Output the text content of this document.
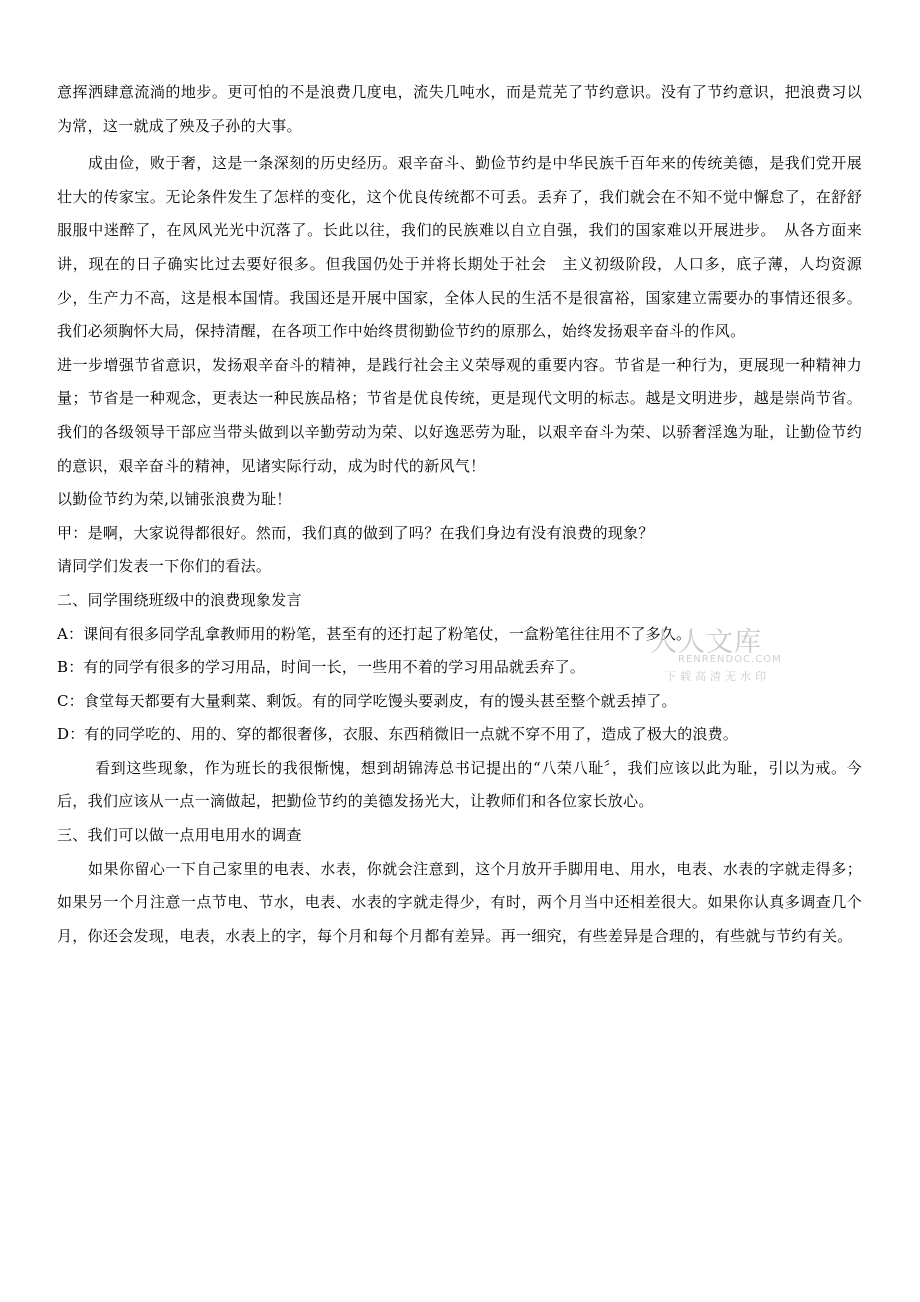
意挥洒肆意流淌的地步。更可怕的不是浪费几度电，流失几吨水，而是荒芜了节约意识。没有了节约意识，把浪费习以为常，这一就成了殃及子孙的大事。

成由俭，败于奢，这是一条深刻的历史经历。艰辛奋斗、勤俭节约是中华民族千百年来的传统美德，是我们党开展壮大的传家宝。无论条件发生了怎样的变化，这个优良传统都不可丢。丢弃了，我们就会在不知不觉中懈怠了，在舒舒服服中迷醉了，在风风光光中沉落了。长此以往，我们的民族难以自立自强，我们的国家难以开展进步。　从各方面来讲，现在的日子确实比过去要好很多。但我国仍处于并将长期处于社会　主义初级阶段，人口多，底子薄，人均资源少，生产力不高，这是根本国情。我国还是开展中国家，全体人民的生活不是很富裕，国家建立需要办的事情还很多。我们必须胸怀大局，保持清醒，在各项工作中始终贯彻勤俭节约的原那么，始终发扬艰辛奋斗的作风。

进一步增强节省意识，发扬艰辛奋斗的精神，是践行社会主义荣辱观的重要内容。节省是一种行为，更展现一种精神力量；节省是一种观念，更表达一种民族品格；节省是优良传统，更是现代文明的标志。越是文明进步，越是崇尚节省。我们的各级领导干部应当带头做到以辛勤劳动为荣、以好逸恶劳为耻，以艰辛奋斗为荣、以骄奢淫逸为耻，让勤俭节约的意识，艰辛奋斗的精神，见诸实际行动，成为时代的新风气！

以勤俭节约为荣,以铺张浪费为耻！

甲：是啊，大家说得都很好。然而，我们真的做到了吗？在我们身边有没有浪费的现象？

请同学们发表一下你们的看法。

二、同学围绕班级中的浪费现象发言

A：课间有很多同学乱拿教师用的粉笔，甚至有的还打起了粉笔仗，一盒粉笔往往用不了多久。

B：有的同学有很多的学习用品，时间一长，一些用不着的学习用品就丢弃了。

C：食堂每天都要有大量剩菜、剩饭。有的同学吃馒头要剥皮，有的馒头甚至整个就丢掉了。

D：有的同学吃的、用的、穿的都很奢侈，衣服、东西稍微旧一点就不穿不用了，造成了极大的浪费。

看到这些现象，作为班长的我很惭愧，想到胡锦涛总书记提出的“八荣八耻〞，我们应该以此为耻，引以为戒。今后，我们应该从一点一滴做起，把勤俭节约的美德发扬光大，让教师们和各位家长放心。

三、我们可以做一点用电用水的调查

如果你留心一下自己家里的电表、水表，你就会注意到，这个月放开手脚用电、用水，电表、水表的字就走得多；如果另一个月注意一点节电、节水，电表、水表的字就走得少，有时，两个月当中还相差很大。如果你认真多调查几个月，你还会发现，电表，水表上的字，每个月和每个月都有差异。再一细究，有些差异是合理的，有些就与节约有关。

人人文库
RENRENDOC.COM
下载高清无水印
